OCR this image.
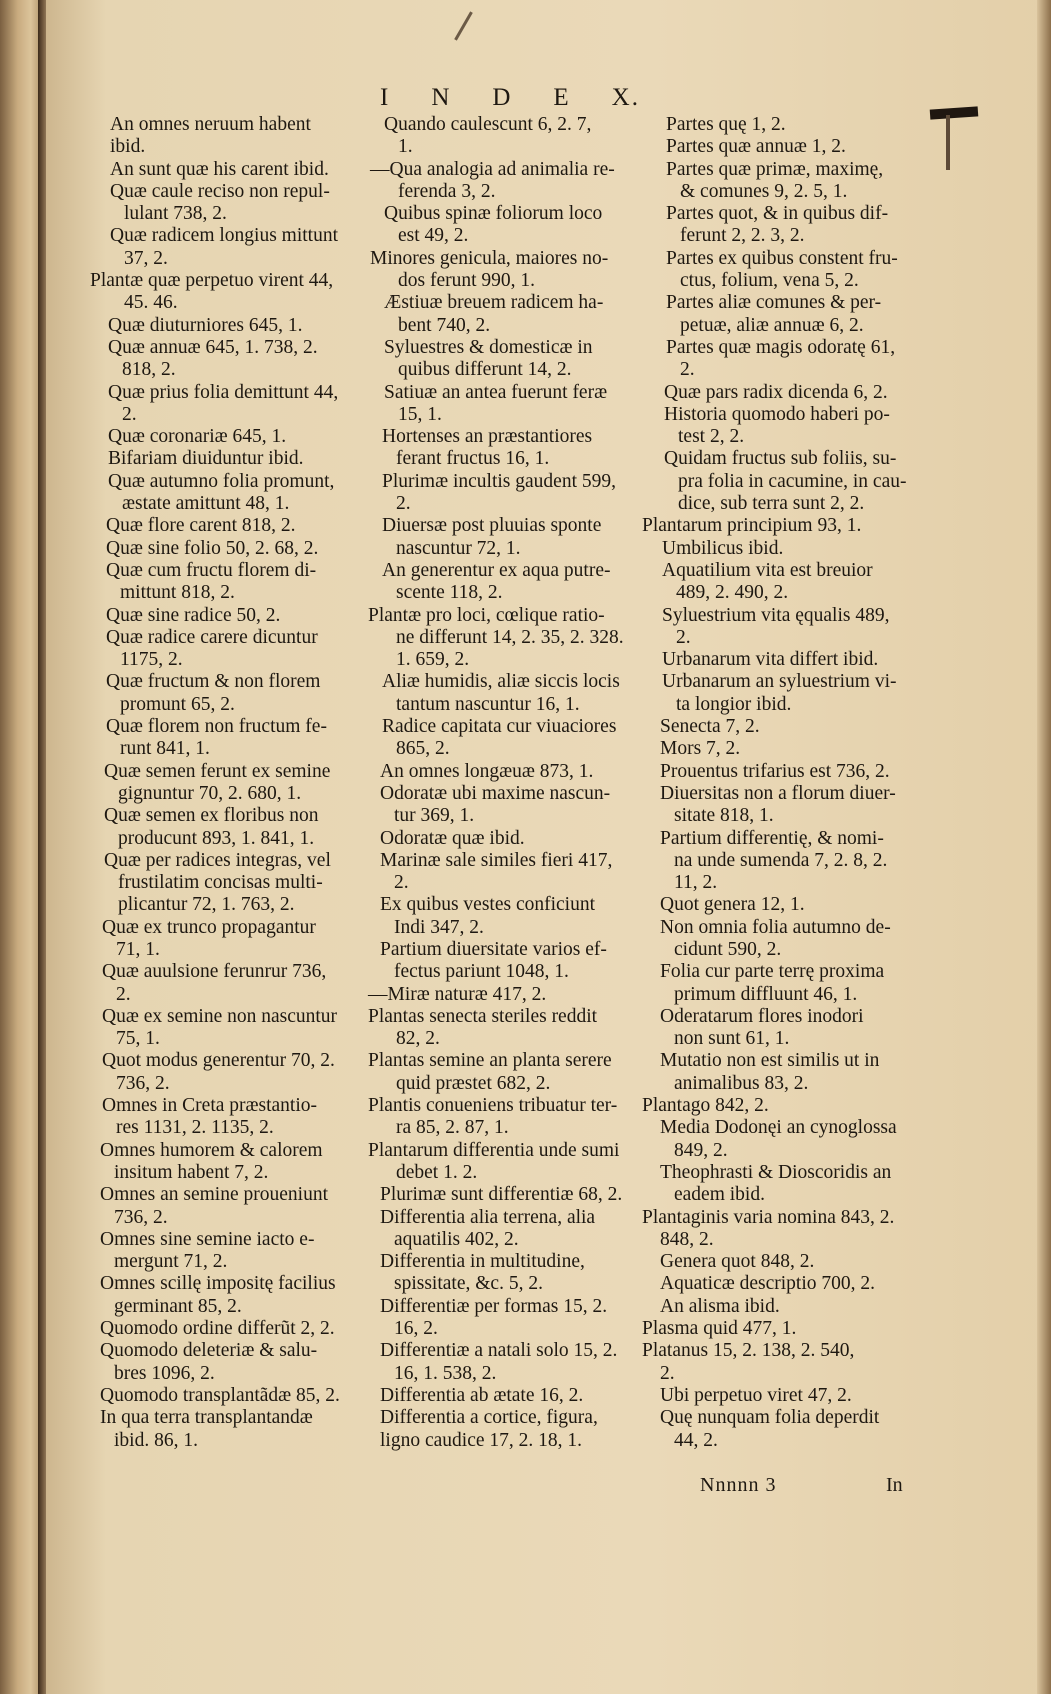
I N D E X.
An omnes neruum habent
ibid.
An sunt quæ his carent ibid.
Quæ caule reciso non repul-
lulant 738, 2.
Quæ radicem longius mittunt
37, 2.
Plantæ quæ perpetuo virent 44,
45. 46.
Quæ diuturniores 645, 1.
Quæ annuæ 645, 1. 738, 2.
818, 2.
Quæ prius folia demittunt 44,
2.
Quæ coronariæ 645, 1.
Bifariam diuiduntur ibid.
Quæ autumno folia promunt,
æstate amittunt 48, 1.
Quæ flore carent 818, 2.
Quæ sine folio 50, 2. 68, 2.
Quæ cum fructu florem di-
mittunt 818, 2.
Quæ sine radice 50, 2.
Quæ radice carere dicuntur
1175, 2.
Quæ fructum & non florem
promunt 65, 2.
Quæ florem non fructum fe-
runt 841, 1.
Quæ semen ferunt ex semine
gignuntur 70, 2. 680, 1.
Quæ semen ex floribus non
producunt 893, 1. 841, 1.
Quæ per radices integras, vel
frustilatim concisas multi-
plicantur 72, 1. 763, 2.
Quæ ex trunco propagantur
71, 1.
Quæ auulsione ferunrur 736,
2.
Quæ ex semine non nascuntur
75, 1.
Quot modus generentur 70, 2.
736, 2.
Omnes in Creta præstantio-
res 1131, 2. 1135, 2.
Omnes humorem & calorem
insitum habent 7, 2.
Omnes an semine proueniunt
736, 2.
Omnes sine semine iacto e-
mergunt 71, 2.
Omnes scillę impositę facilius
germinant 85, 2.
Quomodo ordine differũt 2, 2.
Quomodo deleteriæ & salu-
bres 1096, 2.
Quomodo transplantãdæ 85, 2.
In qua terra transplantandæ
ibid. 86, 1.
Quando caulescunt 6, 2. 7,
1.
—Qua analogia ad animalia re-
ferenda 3, 2.
Quibus spinæ foliorum loco
est 49, 2.
Minores genicula, maiores no-
dos ferunt 990, 1.
Æstiuæ breuem radicem ha-
bent 740, 2.
Syluestres & domesticæ in
quibus differunt 14, 2.
Satiuæ an antea fuerunt feræ
15, 1.
Hortenses an præstantiores
ferant fructus 16, 1.
Plurimæ incultis gaudent 599,
2.
Diuersæ post pluuias sponte
nascuntur 72, 1.
An generentur ex aqua putre-
scente 118, 2.
Plantæ pro loci, cœlique ratio-
ne differunt 14, 2. 35, 2. 328.
1. 659, 2.
Aliæ humidis, aliæ siccis locis
tantum nascuntur 16, 1.
Radice capitata cur viuaciores
865, 2.
An omnes longæuæ 873, 1.
Odoratæ ubi maxime nascun-
tur 369, 1.
Odoratæ quæ ibid.
Marinæ sale similes fieri 417,
2.
Ex quibus vestes conficiunt
Indi 347, 2.
Partium diuersitate varios ef-
fectus pariunt 1048, 1.
—Miræ naturæ 417, 2.
Plantas senecta steriles reddit
82, 2.
Plantas semine an planta serere
quid præstet 682, 2.
Plantis conueniens tribuatur ter-
ra 85, 2. 87, 1.
Plantarum differentia unde sumi
debet 1. 2.
Plurimæ sunt differentiæ 68, 2.
Differentia alia terrena, alia
aquatilis 402, 2.
Differentia in multitudine,
spissitate, &c. 5, 2.
Differentiæ per formas 15, 2.
16, 2.
Differentiæ a natali solo 15, 2.
16, 1. 538, 2.
Differentia ab ætate 16, 2.
Differentia a cortice, figura,
ligno caudice 17, 2. 18, 1.
Partes quę 1, 2.
Partes quæ annuæ 1, 2.
Partes quæ primæ, maximę,
& comunes 9, 2. 5, 1.
Partes quot, & in quibus dif-
ferunt 2, 2. 3, 2.
Partes ex quibus constent fru-
ctus, folium, vena 5, 2.
Partes aliæ comunes & per-
petuæ, aliæ annuæ 6, 2.
Partes quæ magis odoratę 61,
2.
Quæ pars radix dicenda 6, 2.
Historia quomodo haberi po-
test 2, 2.
Quidam fructus sub foliis, su-
pra folia in cacumine, in cau-
dice, sub terra sunt 2, 2.
Plantarum principium 93, 1.
Umbilicus ibid.
Aquatilium vita est breuior
489, 2. 490, 2.
Syluestrium vita ęqualis 489,
2.
Urbanarum vita differt ibid.
Urbanarum an syluestrium vi-
ta longior ibid.
Senecta 7, 2.
Mors 7, 2.
Prouentus trifarius est 736, 2.
Diuersitas non a florum diuer-
sitate 818, 1.
Partium differentię, & nomi-
na unde sumenda 7, 2. 8, 2.
11, 2.
Quot genera 12, 1.
Non omnia folia autumno de-
cidunt 590, 2.
Folia cur parte terrę proxima
primum diffluunt 46, 1.
Oderatarum flores inodori
non sunt 61, 1.
Mutatio non est similis ut in
animalibus 83, 2.
Plantago 842, 2.
Media Dodonęi an cynoglossa
849, 2.
Theophrasti & Dioscoridis an
eadem ibid.
Plantaginis varia nomina 843, 2.
848, 2.
Genera quot 848, 2.
Aquaticæ descriptio 700, 2.
An alisma ibid.
Plasma quid 477, 1.
Platanus 15, 2. 138, 2. 540,
2.
Ubi perpetuo viret 47, 2.
Quę nunquam folia deperdit
44, 2.
Nnnnn 3	In
